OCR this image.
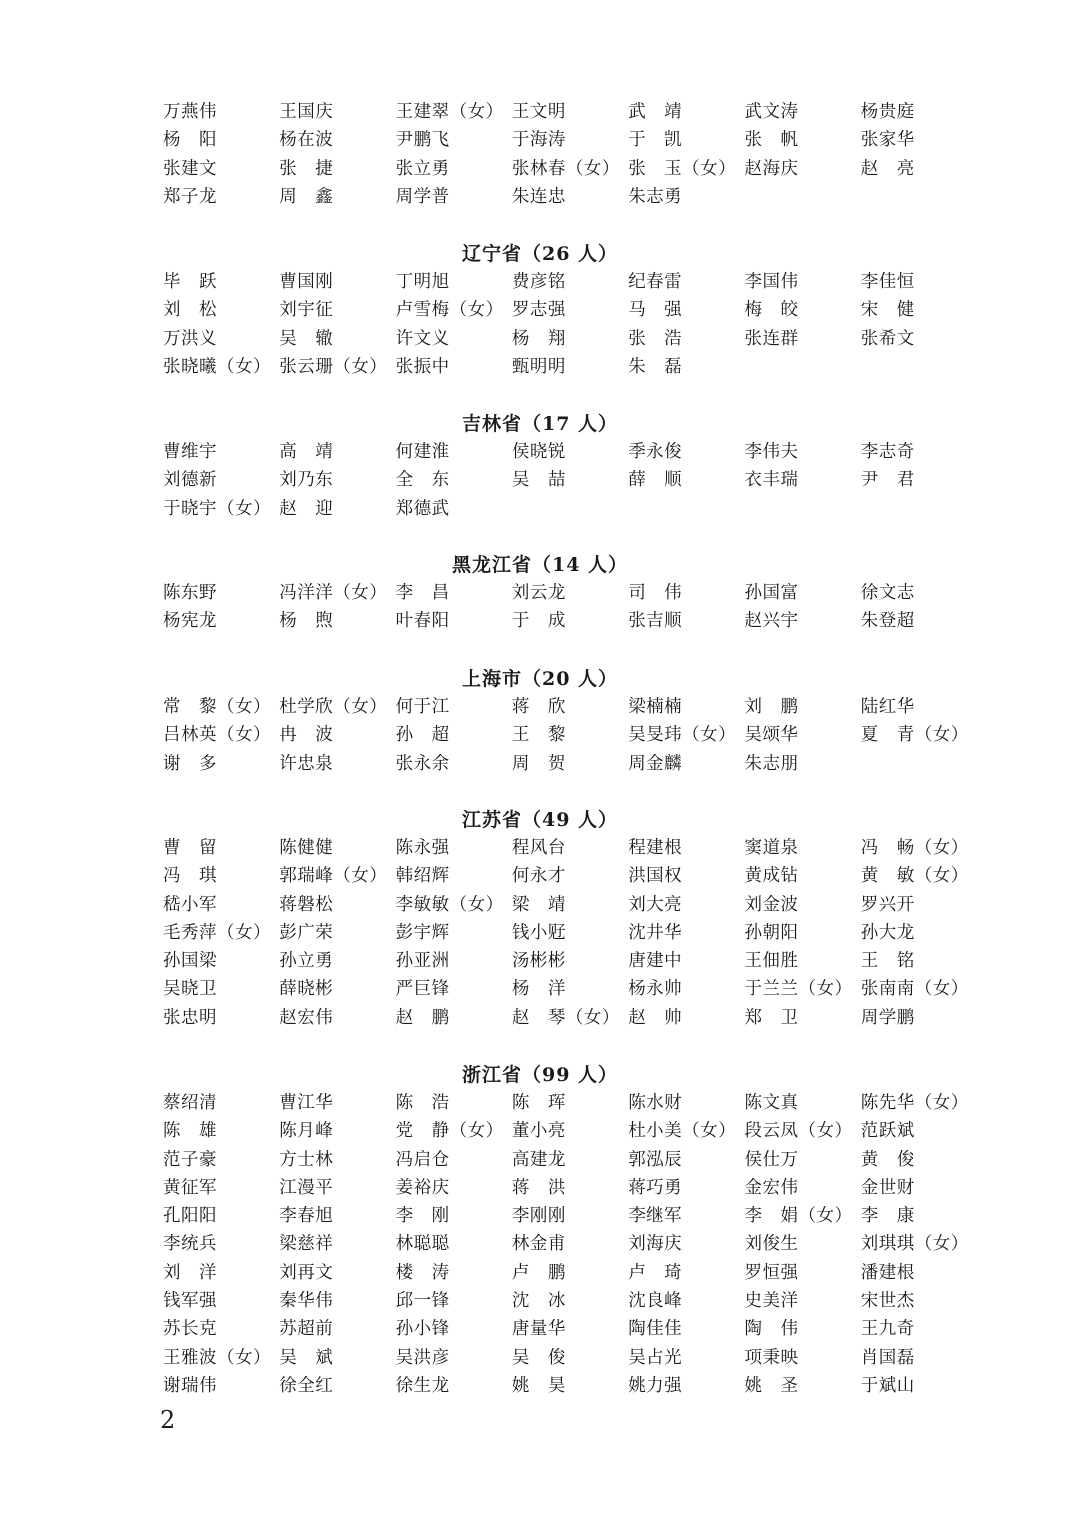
万燕伟	王国庆	王建翠（女） 王文明	武　靖	武文涛	杨贵庭
杨　阳	杨在波	尹鹏飞	于海涛	于　凯	张　帆	张家华
张建文	张　捷	张立勇	张林春（女） 张　玉（女） 赵海庆	赵　亮
郑子龙	周　鑫	周学普	朱连忠	朱志勇
辽宁省（26 人）
毕　跃	曹国刚	丁明旭	费彦铭	纪春雷	李国伟	李佳恒
刘　松	刘宇征	卢雪梅（女） 罗志强	马　强	梅　皎	宋　健
万洪义	吴　辙	许文义	杨　翔	张　浩	张连群	张希文
张晓曦（女） 张云珊（女） 张振中	甄明明	朱　磊
吉林省（17 人）
曹维宇	高　靖	何建淮	侯晓锐	季永俊	李伟夫	李志奇
刘德新	刘乃东	全　东	吴　喆	薛　顺	衣丰瑞	尹　君
于晓宇（女） 赵　迎	郑德武
黑龙江省（14 人）
陈东野	冯洋洋（女） 李　昌	刘云龙	司　伟	孙国富	徐文志
杨宪龙	杨　煦	叶春阳	于　成	张吉顺	赵兴宇	朱登超
上海市（20 人）
常　黎（女） 杜学欣（女） 何于江	蒋　欣	梁楠楠	刘　鹏	陆红华
吕林英（女） 冉　波	孙　超	王　黎	吴旻玮（女） 吴颂华	夏　青（女）
谢　多	许忠泉	张永余	周　贺	周金麟	朱志朋
江苏省（49 人）
曹　留	陈健健	陈永强	程风台	程建根	窦道泉	冯　畅（女）
冯　琪	郭瑞峰（女） 韩绍辉	何永才	洪国权	黄成钻	黄　敏（女）
嵇小军	蒋磐松	李敏敏（女） 梁　靖	刘大亮	刘金波	罗兴开
毛秀萍（女） 彭广荣	彭宇辉	钱小觃	沈井华	孙朝阳	孙大龙
孙国梁	孙立勇	孙亚洲	汤彬彬	唐建中	王佃胜	王　铭
吴晓卫	薛晓彬	严巨锋	杨　洋	杨永帅	于兰兰（女） 张南南（女）
张忠明	赵宏伟	赵　鹏	赵　琴（女） 赵　帅	郑　卫	周学鹏
浙江省（99 人）
蔡绍清	曹江华	陈　浩	陈　珲	陈水财	陈文真	陈先华（女）
陈　雄	陈月峰	党　静（女） 董小亮	杜小美（女） 段云凤（女） 范跃斌
范子豪	方士林	冯启仓	高建龙	郭泓辰	侯仕万	黄　俊
黄征军	江漫平	姜裕庆	蒋　洪	蒋巧勇	金宏伟	金世财
孔阳阳	李春旭	李　刚	李刚刚	李继军	李　娟（女） 李　康
李统兵	梁慈祥	林聪聪	林金甫	刘海庆	刘俊生	刘琪琪（女）
刘　洋	刘再文	楼　涛	卢　鹏	卢　琦	罗恒强	潘建根
钱军强	秦华伟	邱一锋	沈　冰	沈良峰	史美洋	宋世杰
苏长克	苏超前	孙小锋	唐量华	陶佳佳	陶　伟	王九奇
王雅波（女） 吴　斌	吴洪彦	吴　俊	吴占光	项秉映	肖国磊
谢瑞伟	徐全红	徐生龙	姚　昊	姚力强	姚　圣	于斌山
2
